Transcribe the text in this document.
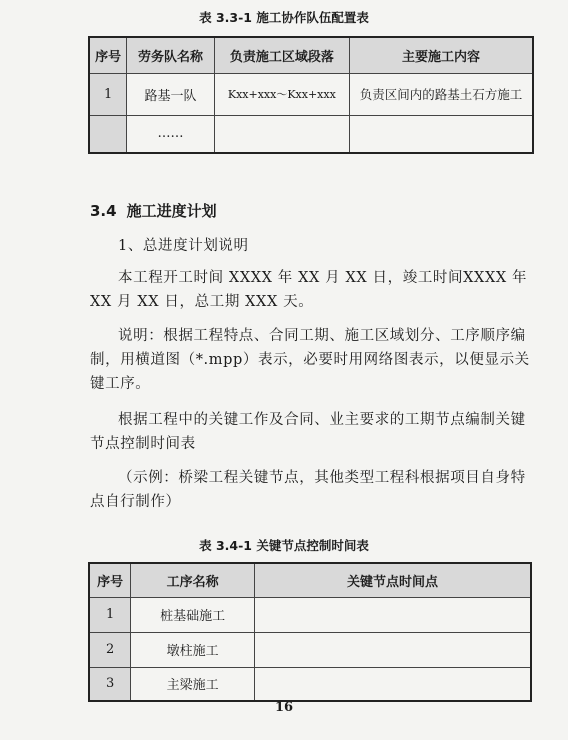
表 3.3-1 施工协作队伍配置表
序号	劳务队名称	负责施工区域段落	主要施工内容
1	路基一队	Kxx+xxx～Kxx+xxx	负责区间内的路基土石方施工
	……		
3.4 施工进度计划
1、总进度计划说明
本工程开工时间 XXXX 年 XX 月 XX 日，竣工时间XXXX 年 XX 月 XX 日，总工期 XXX 天。
说明：根据工程特点、合同工期、施工区域划分、工序顺序编制，用横道图（*.mpp）表示，必要时用网络图表示，以便显示关键工序。
根据工程中的关键工作及合同、业主要求的工期节点编制关键节点控制时间表
（示例：桥梁工程关键节点，其他类型工程科根据项目自身特点自行制作）
表 3.4-1 关键节点控制时间表
序号	工序名称	关键节点时间点
1	桩基础施工	
2	墩柱施工	
3	主梁施工	
16
